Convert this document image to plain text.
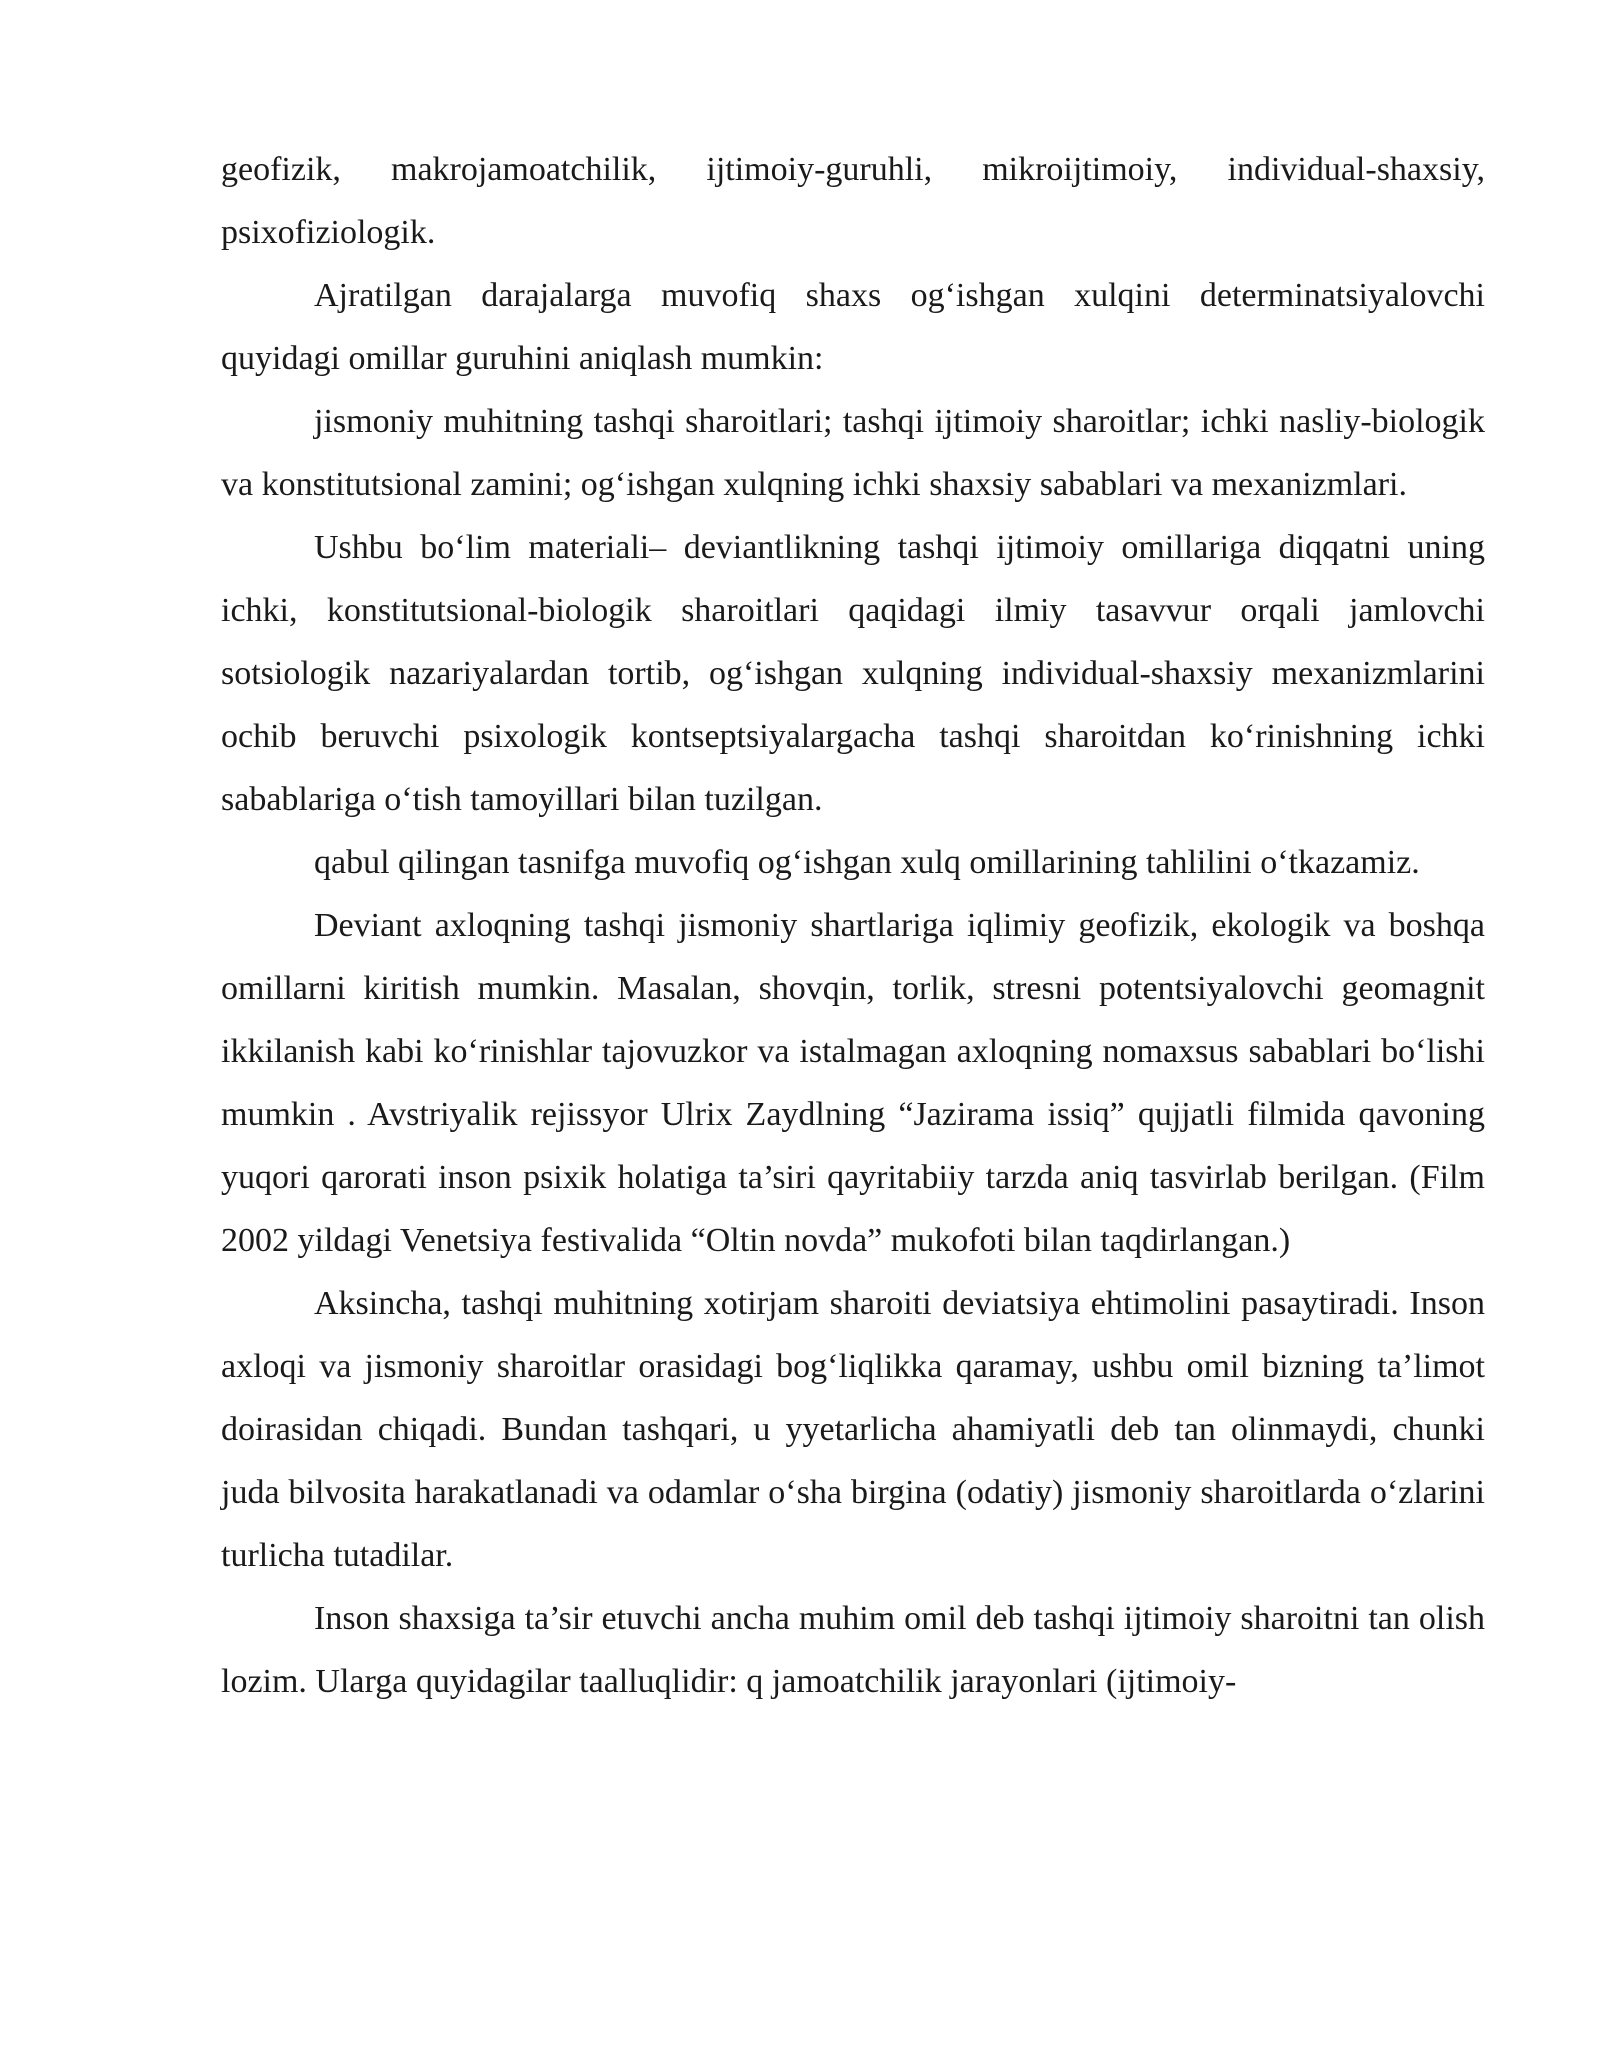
geofizik, makrojamoatchilik, ijtimoiy-guruhli, mikroijtimoiy, individual-shaxsiy, psixofiziologik.

Ajratilgan darajalarga muvofiq shaxs og‘ishgan xulqini determinatsiyalovchi quyidagi omillar guruhini aniqlash mumkin:

jismoniy muhitning tashqi sharoitlari; tashqi ijtimoiy sharoitlar; ichki nasliy-biologik va konstitutsional zamini; og‘ishgan xulqning ichki shaxsiy sabablari va mexanizmlari.

Ushbu bo‘lim materiali– deviantlikning tashqi ijtimoiy omillariga diqqatni uning ichki, konstitutsional-biologik sharoitlari qaqidagi ilmiy tasavvur orqali jamlovchi sotsiologik nazariyalardan tortib, og‘ishgan xulqning individual-shaxsiy mexanizmlarini ochib beruvchi psixologik kontseptsiyalargacha tashqi sharoitdan ko‘rinishning ichki sabablariga o‘tish tamoyillari bilan tuzilgan.

qabul qilingan tasnifga muvofiq og‘ishgan xulq omillarining tahlilini o‘tkazamiz.

Deviant axloqning tashqi jismoniy shartlariga iqlimiy geofizik, ekologik va boshqa omillarni kiritish mumkin. Masalan, shovqin, torlik, stresni potentsiyalovchi geomagnit ikkilanish kabi ko‘rinishlar tajovuzkor va istalmagan axloqning nomaxsus sabablari bo‘lishi mumkin . Avstriyalik rejissyor Ulrix Zaydlning “Jazirama issiq” qujjatli filmida qavoning yuqori qarorati inson psixik holatiga ta’siri qayritabiiy tarzda aniq tasvirlab berilgan. (Film 2002 yildagi Venetsiya festivalida “Oltin novda” mukofoti bilan taqdirlangan.)

Aksincha, tashqi muhitning xotirjam sharoiti deviatsiya ehtimolini pasaytiradi. Inson axloqi va jismoniy sharoitlar orasidagi bog‘liqlikka qaramay, ushbu omil bizning ta’limot doirasidan chiqadi. Bundan tashqari, u yyetarlicha ahamiyatli deb tan olinmaydi, chunki juda bilvosita harakatlanadi va odamlar o‘sha birgina (odatiy) jismoniy sharoitlarda o‘zlarini turlicha tutadilar.

Inson shaxsiga ta’sir etuvchi ancha muhim omil deb tashqi ijtimoiy sharoitni tan olish lozim. Ularga quyidagilar taalluqlidir: q jamoatchilik jarayonlari (ijtimoiy-
